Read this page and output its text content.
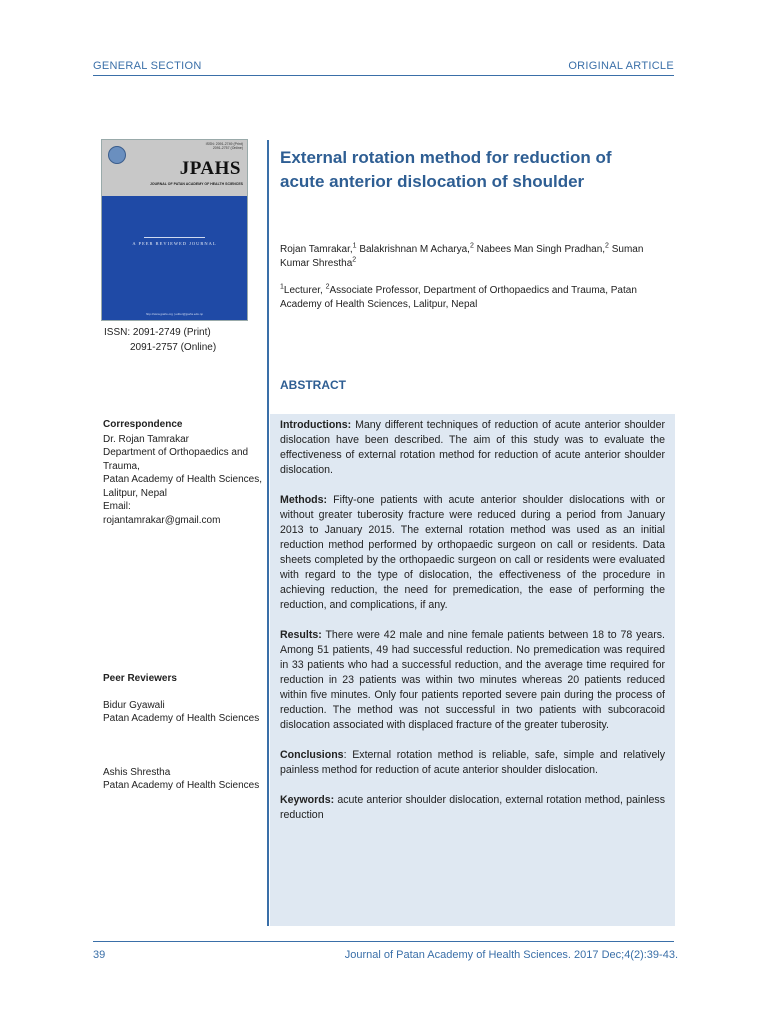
GENERAL SECTION	ORIGINAL ARTICLE
ISSN: 2091-2749 (Print)
2091-2757 (Online)
JPAHS
JOURNAL OF PATAN ACADEMY OF HEALTH SCIENCES
A PEER REVIEWED JOURNAL
http://www.jpahs.org | editor@jpahs.edu.np
ISSN: 2091-2749 (Print)
2091-2757 (Online)
External rotation method for reduction of acute anterior dislocation of shoulder
Rojan Tamrakar,$^1$ Balakrishnan M Acharya,$^2$ Nabees Man Singh Pradhan,$^2$ Suman Kumar Shrestha$^2$
$^1$Lecturer, $^2$Associate Professor, Department of Orthopaedics and Trauma, Patan Academy of Health Sciences, Lalitpur, Nepal
ABSTRACT
Correspondence
Dr. Rojan Tamrakar
Department of Orthopaedics and Trauma,
Patan Academy of Health Sciences, Lalitpur, Nepal
Email:
rojantamrakar@gmail.com
Peer Reviewers
Bidur Gyawali
Patan Academy of Health Sciences
Ashis Shrestha
Patan Academy of Health Sciences

Introductions: Many different techniques of reduction of acute anterior shoulder dislocation have been described. The aim of this study was to evaluate the effectiveness of external rotation method for reduction of acute anterior shoulder dislocation.

Methods: Fifty-one patients with acute anterior shoulder dislocations with or without greater tuberosity fracture were reduced during a period from January 2013 to January 2015. The external rotation method was used as an initial reduction method performed by orthopaedic surgeon on call or residents. Data sheets completed by the orthopaedic surgeon on call or residents were evaluated with regard to the type of dislocation, the effectiveness of the procedure in achieving reduction, the need for premedication, the ease of performing the reduction, and complications, if any.

Results: There were 42 male and nine female patients between 18 to 78 years. Among 51 patients, 49 had successful reduction. No premedication was required in 33 patients who had a successful reduction, and the average time required for reduction in 23 patients was within two minutes whereas 20 patients reduced within five minutes. Only four patients reported severe pain during the process of reduction. The method was not successful in two patients with subcoracoid dislocation associated with displaced fracture of the greater tuberosity.

Conclusions: External rotation method is reliable, safe, simple and relatively painless method for reduction of acute anterior shoulder dislocation.

Keywords: acute anterior shoulder dislocation, external rotation method, painless reduction

39	Journal of Patan Academy of Health Sciences. 2017 Dec;4(2):39-43.
